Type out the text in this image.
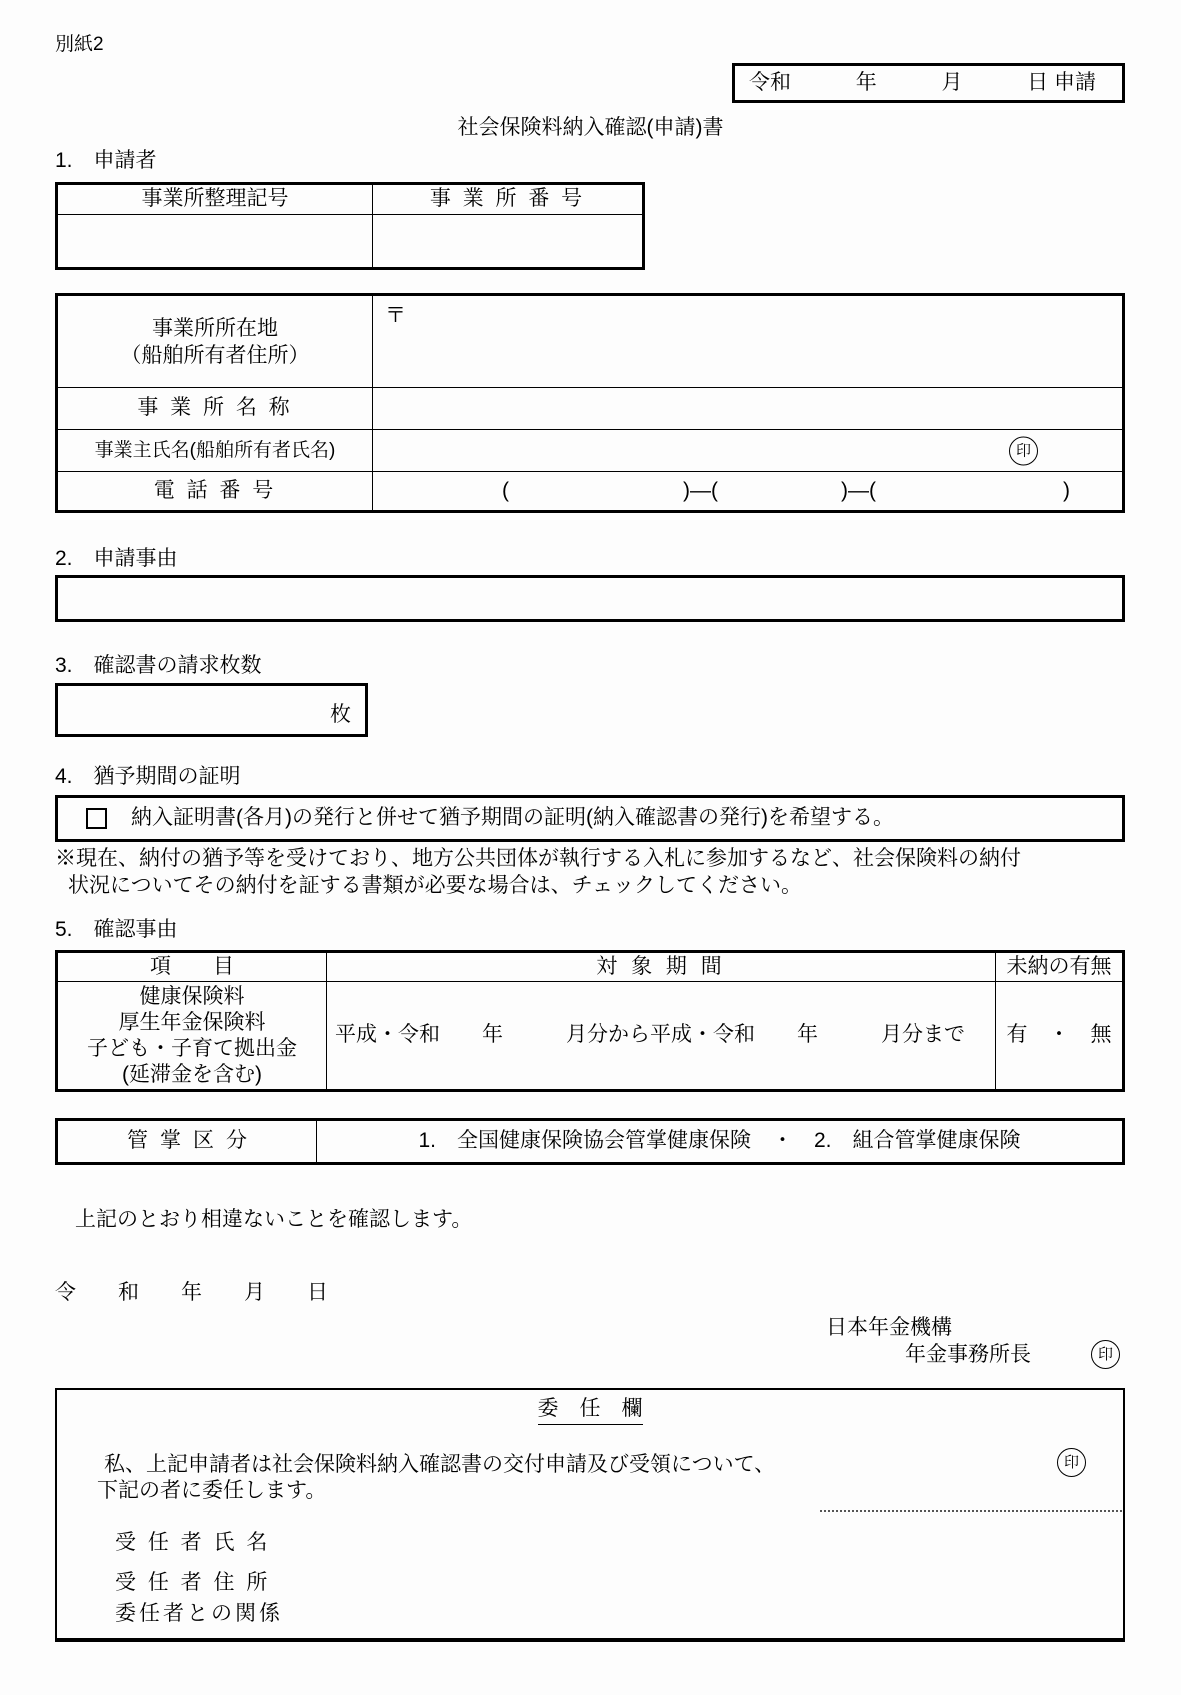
別紙2
令和	年	月	日 申請
社会保険料納入確認(申請)書
1.　申請者
事業所整理記号	事 業 所 番 号
事業所所在地
（船舶所有者住所）
〒
事 業 所 名 称
事業主氏名(船舶所有者氏名)	印
電 話 番 号	(	)—(	)—(	)
2.　申請事由
3.　確認書の請求枚数
枚
4.　猶予期間の証明
納入証明書(各月)の発行と併せて猶予期間の証明(納入確認書の発行)を希望する。
※現在、納付の猶予等を受けており、地方公共団体が執行する入札に参加するなど、社会保険料の納付
状況についてその納付を証する書類が必要な場合は、チェックしてください。
5.　確認事由
項　　目	対 象 期 間	未納の有無
健康保険料
厚生年金保険料
子ども・子育て拠出金
(延滞金を含む)
平成・令和　　年　　　月分から平成・令和　　年　　　月分まで	有　・　無
管掌区分	1.　全国健康保険協会管掌健康保険　・　2.　組合管掌健康保険
上記のとおり相違ないことを確認します。
令　　和　　年　　月　　日
日本年金機構
年金事務所長	印
委　任　欄
私、上記申請者は社会保険料納入確認書の交付申請及び受領について、
下記の者に委任します。
印
受 任 者 氏 名
受 任 者 住 所
委任者との関係
